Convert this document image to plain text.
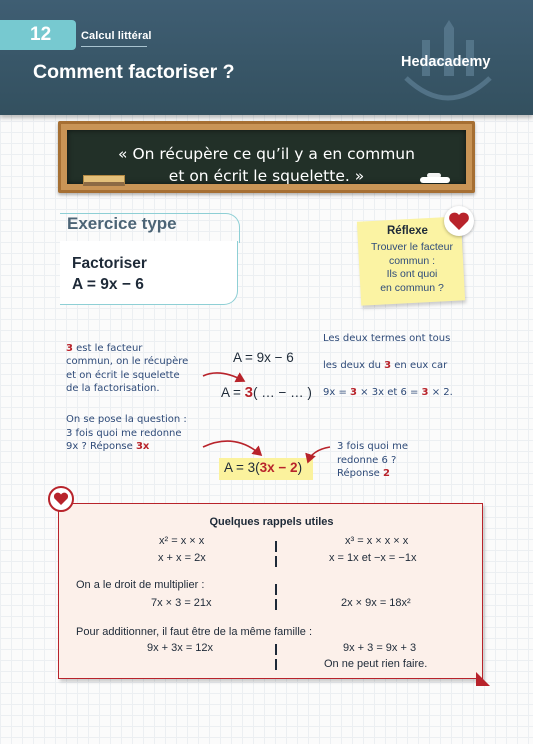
12	Calcul littéral
Comment factoriser ?	Hedacademy
« On récupère ce qu’il y a en commun
et on écrit le squelette. »
Exercice type
Factoriser
A = 9x − 6
Réflexe
Trouver le facteur
commun :
Ils ont quoi
en commun ?

Les deux termes ont tous

les deux du 3 en eux car

9x = 3 × 3x et 6 = 3 × 2.

3 est le facteur
commun, on le récupère
et on écrit le squelette
de la factorisation.
On se pose la question :
3 fois quoi me redonne
9x ? Réponse 3x	3 fois quoi me
redonne 6 ?
Réponse 2
A = 9x − 6
A = 3( … − … )
A = 3(3x − 2)
Quelques rappels utiles
x² = x × x	x³ = x × x × x
x + x = 2x	x = 1x et −x = −1x
On a le droit de multiplier :
7x × 3 = 21x	2x × 9x = 18x²
Pour additionner, il faut être de la même famille :
9x + 3x = 12x	9x + 3 = 9x + 3
On ne peut rien faire.
